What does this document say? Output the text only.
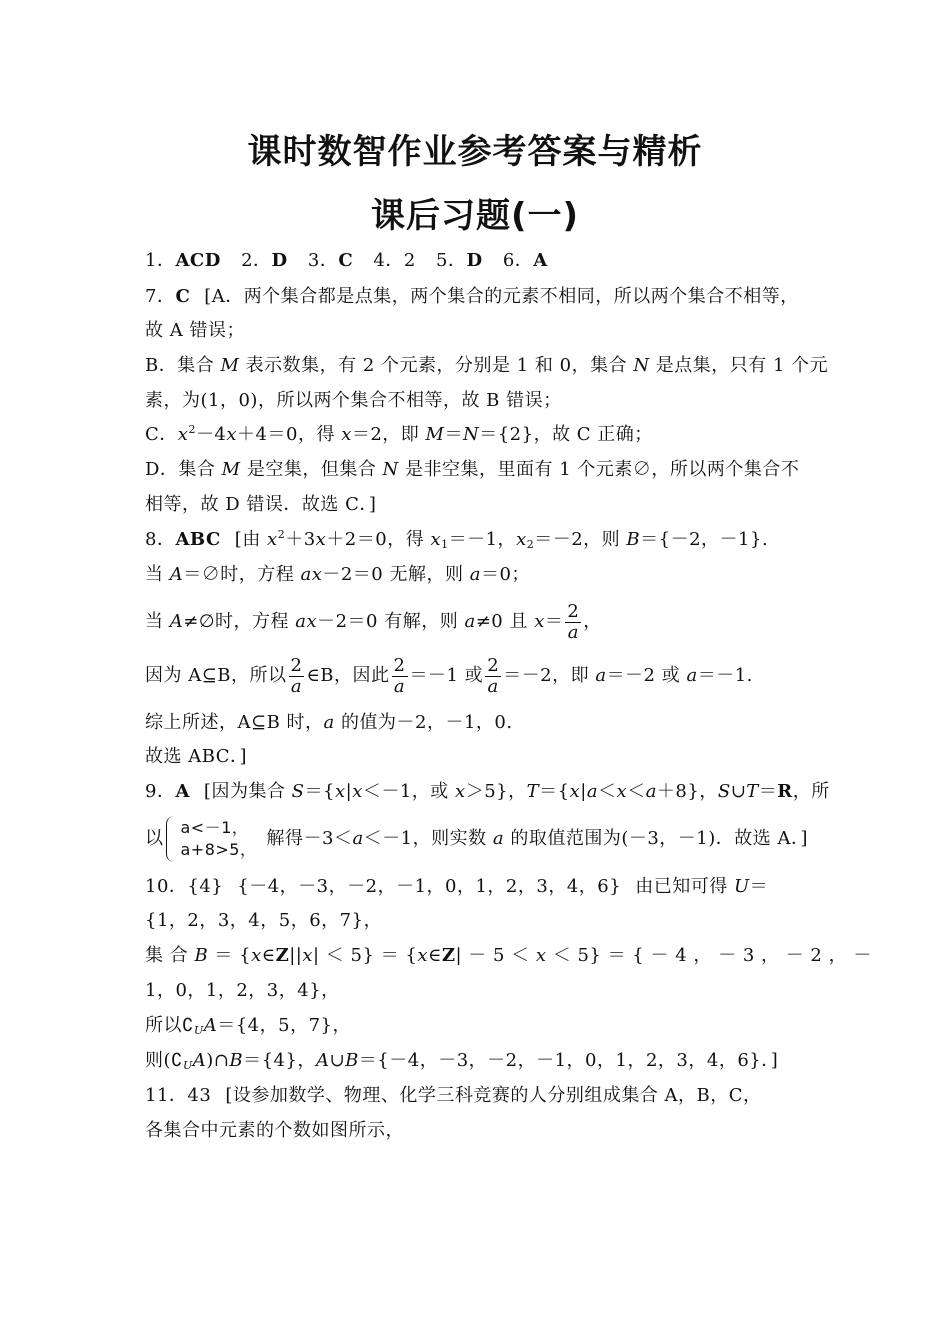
课时数智作业参考答案与精析
课后习题(一)
1．ACD 2．D 3．C 4．2 5．D 6．A
7．C [A．两个集合都是点集，两个集合的元素不相同，所以两个集合不相等，
故 A 错误；
B．集合 M 表示数集，有 2 个元素，分别是 1 和 0，集合 N 是点集，只有 1 个元
素，为(1，0)，所以两个集合不相等，故 B 错误；
C．$x^2-4x+4=0$，得 x＝2，即 M＝N＝{2}，故 C 正确；
D．集合 M 是空集，但集合 N 是非空集，里面有 1 个元素∅，所以两个集合不
相等，故 D 错误．故选 C．]
8．ABC [由 $x^2+3x+2=0$，得 $x_1=-1$，$x_2=-2$，则 B＝{－2，－1}.
当 A＝∅时，方程 ax－2＝0 无解，则 a＝0；
当 A≠∅时，方程 ax－2＝0 有解，则 a≠0 且 $x= \frac{2}{a}$ ，
因为 A⊆B，所以 $\frac{2}{a}$ ∈B，因此 $\frac{2}{a} =-1$ 或 $\frac{2}{a} =-2$，即 a＝－2 或 a＝－1.
综上所述，A⊆B 时，a 的值为－2，－1，0.
故选 ABC．]
9．A [因为集合 S＝{x|x＜－1，或 x＞5}，T＝{x|a＜x＜a＋8}，S∪T＝R，所
以
a<－1，
a+8>5，
解得－3＜a＜－1，则实数 a 的取值范围为(－3，－1)．故选 A．]
10．{4} {－4，－3，－2，－1，0，1，2，3，4，6} 由已知可得 U＝
{1，2，3，4，5，6，7}，
集 合 B ＝ {x∈Z||x| ＜ 5} ＝ {x∈Z| － 5 ＜ x ＜ 5} ＝ { － 4 ， － 3 ， － 2 ， －
1，0，1，2，3，4}，
所以$∁_UA=\{4$，5，7}，
则$(∁_UA)\cap B=\{4\}$，A∪B＝{－4，－3，－2，－1，0，1，2，3，4，6}．]
11．43 [设参加数学、物理、化学三科竞赛的人分别组成集合 A，B，C，
各集合中元素的个数如图所示，
